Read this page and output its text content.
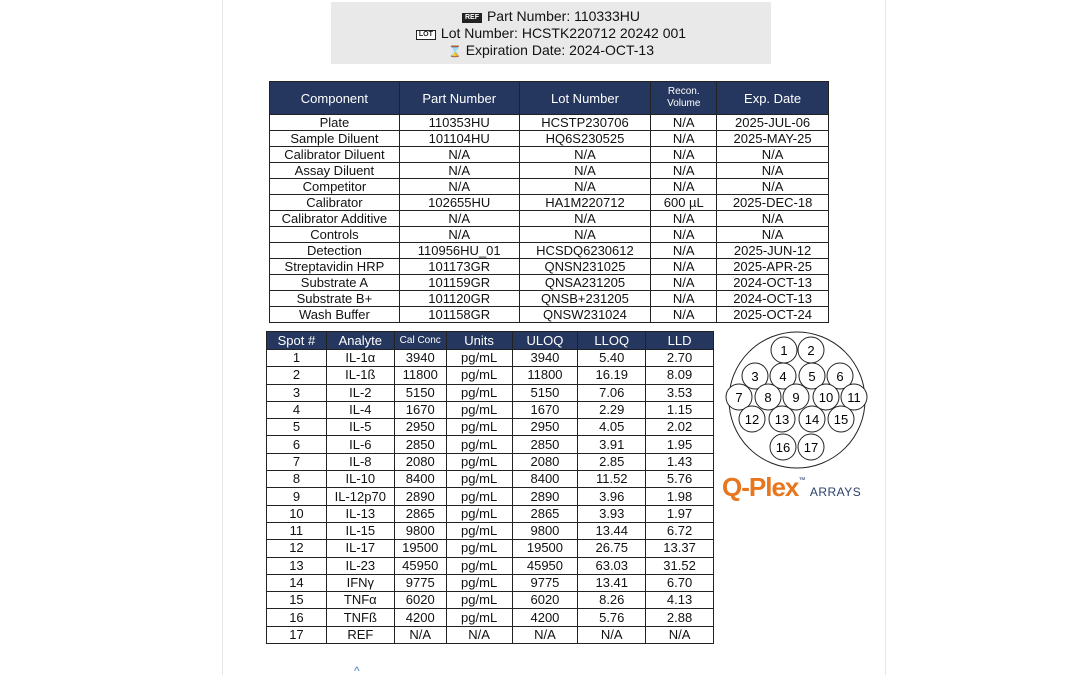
REF Part Number: 110333HU
LOT Lot Number: HCSTK220712 20242 001
⌛ Expiration Date: 2024-OCT-13
Component	Part Number	Lot Number	Recon. Volume	Exp. Date
Plate	110353HU	HCSTP230706	N/A	2025-JUL-06
Sample Diluent	101104HU	HQ6S230525	N/A	2025-MAY-25
Calibrator Diluent	N/A	N/A	N/A	N/A
Assay Diluent	N/A	N/A	N/A	N/A
Competitor	N/A	N/A	N/A	N/A
Calibrator	102655HU	HA1M220712	600 µL	2025-DEC-18
Calibrator Additive	N/A	N/A	N/A	N/A
Controls	N/A	N/A	N/A	N/A
Detection	110956HU_01	HCSDQ6230612	N/A	2025-JUN-12
Streptavidin HRP	101173GR	QNSN231025	N/A	2025-APR-25
Substrate A	101159GR	QNSA231205	N/A	2024-OCT-13
Substrate B+	101120GR	QNSB+231205	N/A	2024-OCT-13
Wash Buffer	101158GR	QNSW231024	N/A	2025-OCT-24
Spot #	Analyte	Cal Conc	Units	ULOQ	LLOQ	LLD
1	IL-1α	3940	pg/mL	3940	5.40	2.70
2	IL-1ß	11800	pg/mL	11800	16.19	8.09
3	IL-2	5150	pg/mL	5150	7.06	3.53
4	IL-4	1670	pg/mL	1670	2.29	1.15
5	IL-5	2950	pg/mL	2950	4.05	2.02
6	IL-6	2850	pg/mL	2850	3.91	1.95
7	IL-8	2080	pg/mL	2080	2.85	1.43
8	IL-10	8400	pg/mL	8400	11.52	5.76
9	IL-12p70	2890	pg/mL	2890	3.96	1.98
10	IL-13	2865	pg/mL	2865	3.93	1.97
11	IL-15	9800	pg/mL	9800	13.44	6.72
12	IL-17	19500	pg/mL	19500	26.75	13.37
13	IL-23	45950	pg/mL	45950	63.03	31.52
14	IFNγ	9775	pg/mL	9775	13.41	6.70
15	TNFα	6020	pg/mL	6020	8.26	4.13
16	TNFß	4200	pg/mL	4200	5.76	2.88
17	REF	N/A	N/A	N/A	N/A	N/A
1 2
3 4 5 6
7 8 9 10 11
12 13 14 15
16 17
Q-Plex™ ARRAYS
^
